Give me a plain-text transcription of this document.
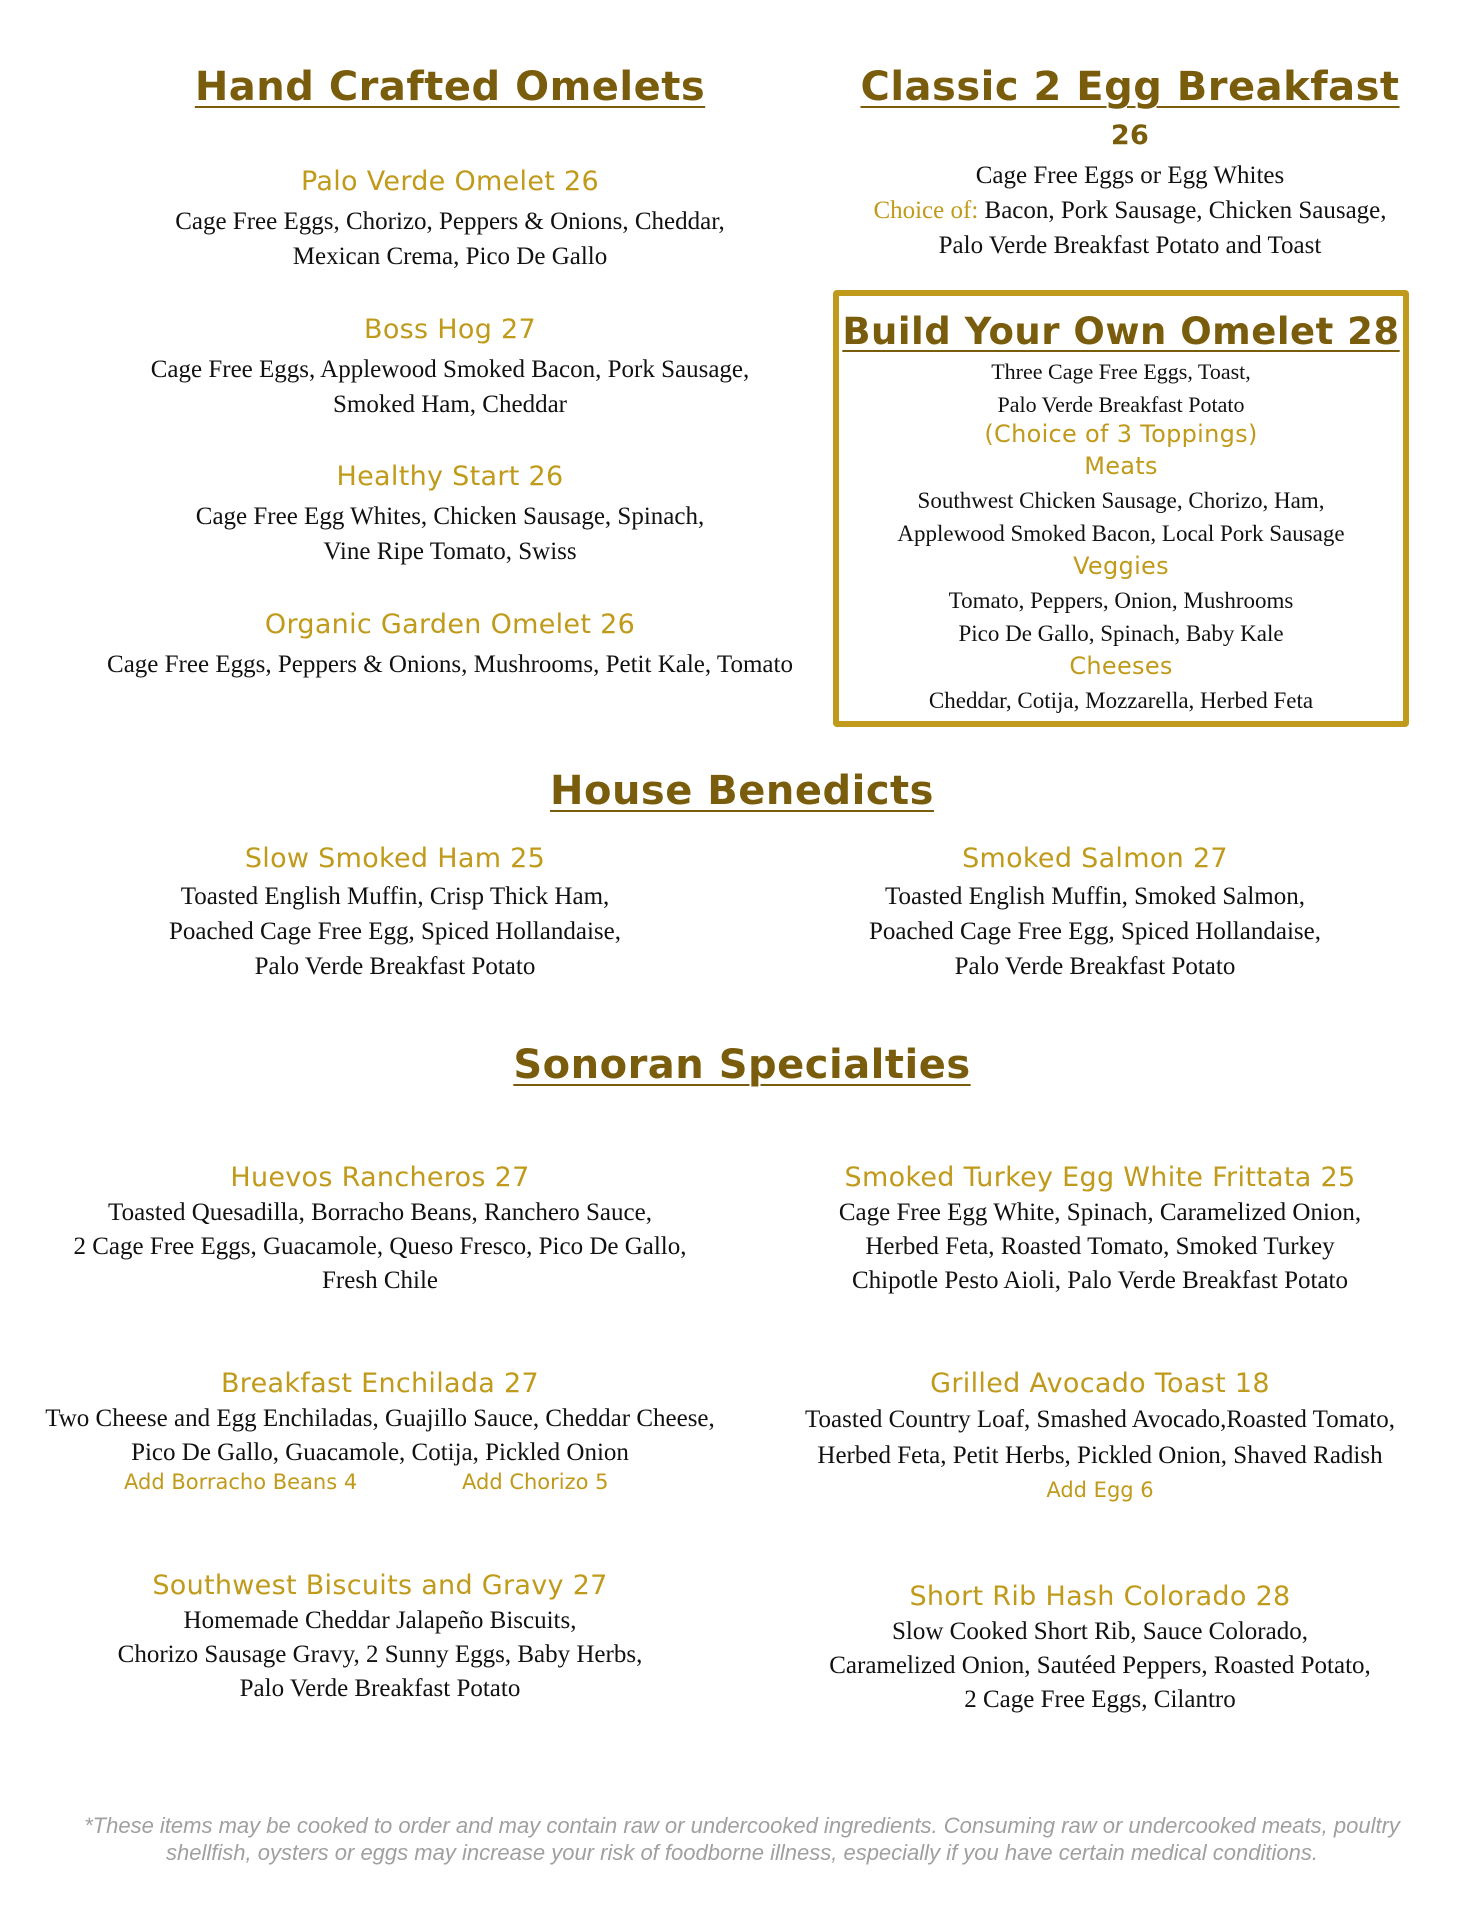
Hand Crafted Omelets
Palo Verde Omelet 26
Cage Free Eggs, Chorizo, Peppers & Onions, Cheddar,
Mexican Crema, Pico De Gallo
Boss Hog 27
Cage Free Eggs, Applewood Smoked Bacon, Pork Sausage,
Smoked Ham, Cheddar
Healthy Start 26
Cage Free Egg Whites, Chicken Sausage, Spinach,
Vine Ripe Tomato, Swiss
Organic Garden Omelet 26
Cage Free Eggs, Peppers & Onions, Mushrooms, Petit Kale, Tomato
Classic 2 Egg Breakfast
26
Cage Free Eggs or Egg Whites
Choice of: Bacon, Pork Sausage, Chicken Sausage,
Palo Verde Breakfast Potato and Toast
Build Your Own Omelet 28
Three Cage Free Eggs, Toast,
Palo Verde Breakfast Potato
(Choice of 3 Toppings)
Meats
Southwest Chicken Sausage, Chorizo, Ham,
Applewood Smoked Bacon, Local Pork Sausage
Veggies
Tomato, Peppers, Onion, Mushrooms
Pico De Gallo, Spinach, Baby Kale
Cheeses
Cheddar, Cotija, Mozzarella, Herbed Feta
House Benedicts
Slow Smoked Ham 25
Toasted English Muffin, Crisp Thick Ham,
Poached Cage Free Egg, Spiced Hollandaise,
Palo Verde Breakfast Potato
Smoked Salmon 27
Toasted English Muffin, Smoked Salmon,
Poached Cage Free Egg, Spiced Hollandaise,
Palo Verde Breakfast Potato
Sonoran Specialties
Huevos Rancheros 27
Toasted Quesadilla, Borracho Beans, Ranchero Sauce,
2 Cage Free Eggs, Guacamole, Queso Fresco, Pico De Gallo,
Fresh Chile
Smoked Turkey Egg White Frittata 25
Cage Free Egg White, Spinach, Caramelized Onion,
Herbed Feta, Roasted Tomato, Smoked Turkey
Chipotle Pesto Aioli, Palo Verde Breakfast Potato
Breakfast Enchilada 27
Two Cheese and Egg Enchiladas, Guajillo Sauce, Cheddar Cheese,
Pico De Gallo, Guacamole, Cotija, Pickled Onion
Add Borracho Beans 4	Add Chorizo 5
Grilled Avocado Toast 18
Toasted Country Loaf, Smashed Avocado,Roasted Tomato,
Herbed Feta, Petit Herbs, Pickled Onion, Shaved Radish
Add Egg 6
Southwest Biscuits and Gravy 27
Homemade Cheddar Jalapeño Biscuits,
Chorizo Sausage Gravy, 2 Sunny Eggs, Baby Herbs,
Palo Verde Breakfast Potato
Short Rib Hash Colorado 28
Slow Cooked Short Rib, Sauce Colorado,
Caramelized Onion, Sautéed Peppers, Roasted Potato,
2 Cage Free Eggs, Cilantro
*These items may be cooked to order and may contain raw or undercooked ingredients. Consuming raw or undercooked meats, poultry
shellfish, oysters or eggs may increase your risk of foodborne illness, especially if you have certain medical conditions.
